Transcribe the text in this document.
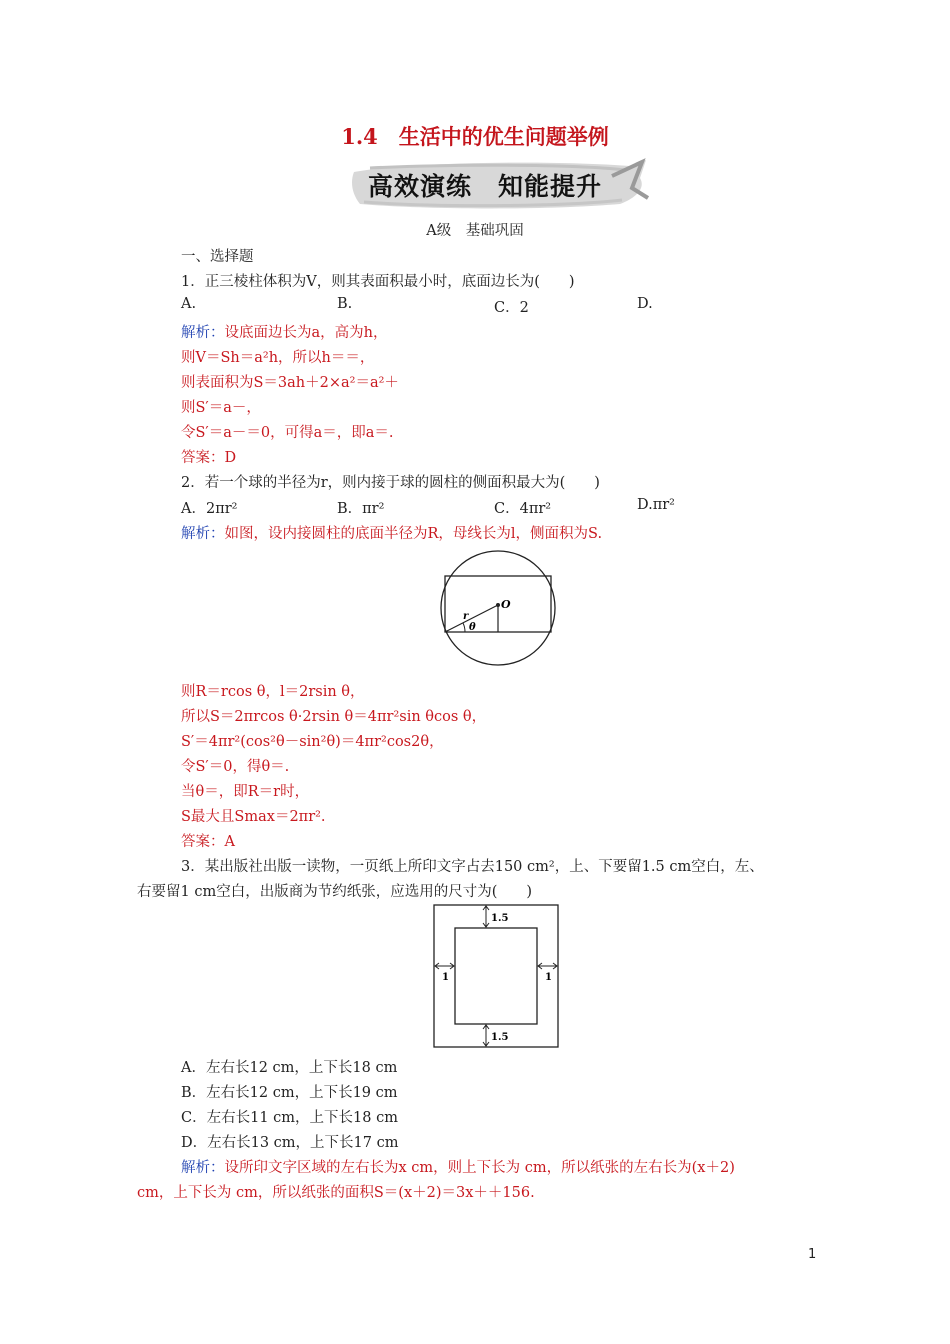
1.4　生活中的优生问题举例
高效演练　知能提升
A级　基础巩固
一、选择题
1．正三棱柱体积为V，则其表面积最小时，底面边长为(　　)
A.	B.	C．2	D.
解析：设底面边长为a，高为h，
则V＝Sh＝a²h，所以h＝＝，
则表面积为S＝3ah＋2×a²＝a²＋
则S′＝a－，
令S′＝a－＝0，可得a＝，即a＝.
答案：D
2．若一个球的半径为r，则内接于球的圆柱的侧面积最大为(　　)
A．2πr²	B．πr²	C．4πr²	D.πr²
解析：如图，设内接圆柱的底面半径为R，母线长为l，侧面积为S.
O
r
θ
则R＝rcos θ，l＝2rsin θ，
所以S＝2πrcos θ·2rsin θ＝4πr²sin θcos θ，
S′＝4πr²(cos²θ－sin²θ)＝4πr²cos2θ，
令S′＝0，得θ＝.
当θ＝，即R＝r时，
S最大且Smax＝2πr².
答案：A
3．某出版社出版一读物，一页纸上所印文字占去150 cm²，上、下要留1.5 cm空白，左、
右要留1 cm空白，出版商为节约纸张，应选用的尺寸为(　　)
1.5
1.5
1	1
A．左右长12 cm，上下长18 cm
B．左右长12 cm，上下长19 cm
C．左右长11 cm，上下长18 cm
D．左右长13 cm，上下长17 cm
解析：设所印文字区域的左右长为x cm，则上下长为 cm，所以纸张的左右长为(x＋2)
cm，上下长为 cm，所以纸张的面积S＝(x＋2)＝3x＋＋156.
1
